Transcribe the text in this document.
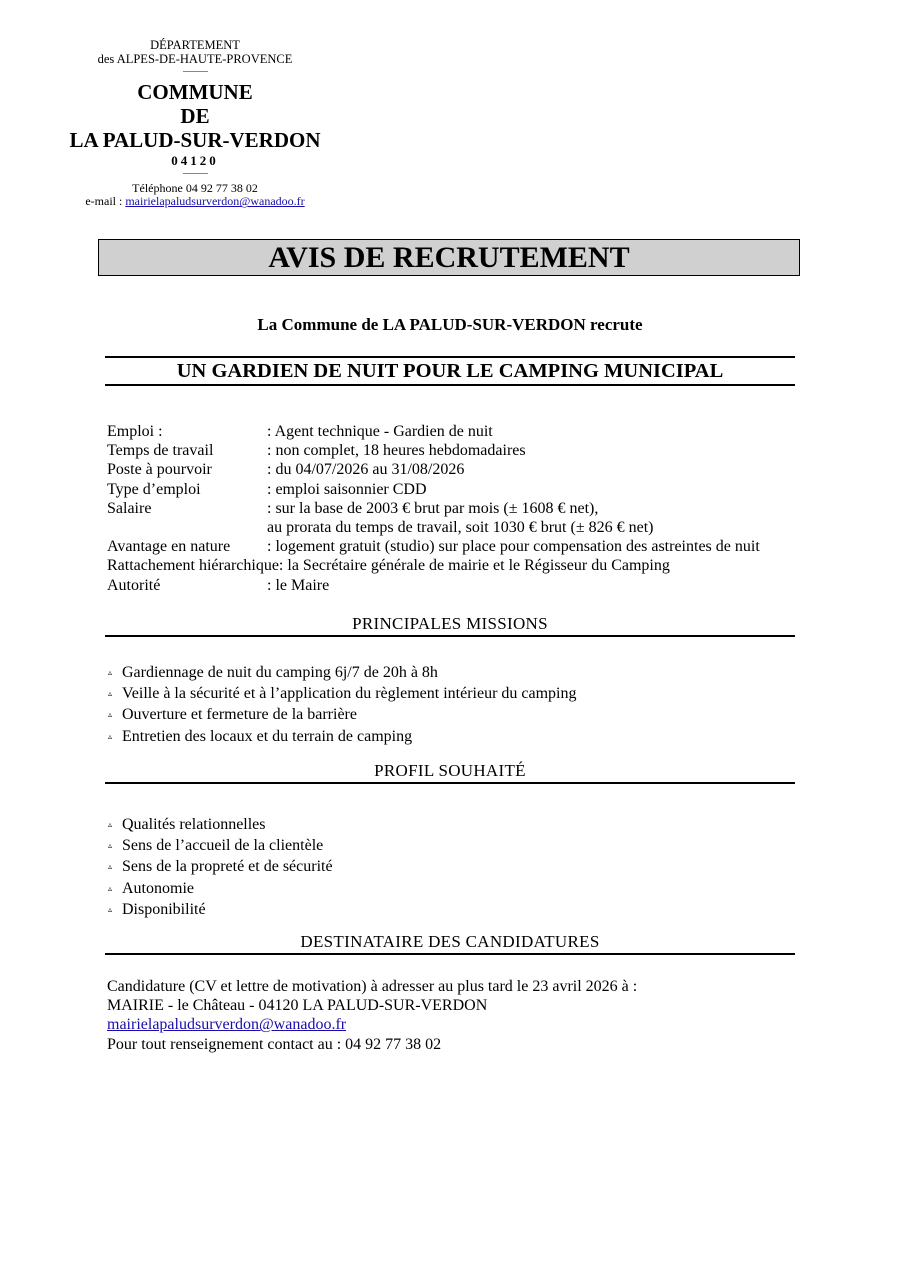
DÉPARTEMENT
des ALPES-DE-HAUTE-PROVENCE
———
COMMUNE
DE
LA PALUD-SUR-VERDON
04120
———
Téléphone 04 92 77 38 02
e-mail : mairielapaludsurverdon@wanadoo.fr
AVIS DE RECRUTEMENT
La Commune de LA PALUD-SUR-VERDON recrute
UN GARDIEN DE NUIT POUR LE CAMPING MUNICIPAL
Emploi :	: Agent technique - Gardien de nuit
Temps de travail	: non complet, 18 heures hebdomadaires
Poste à pourvoir	: du 04/07/2026 au 31/08/2026
Type d’emploi	: emploi saisonnier CDD
Salaire	: sur la base de 2003 € brut par mois (± 1608 € net),
au prorata du temps de travail, soit 1030 € brut (± 826 € net)
Avantage en nature	: logement gratuit (studio) sur place pour compensation des astreintes de nuit
Rattachement hiérarchique : la Secrétaire générale de mairie et le Régisseur du Camping
Autorité	: le Maire
PRINCIPALES MISSIONS
▵ Gardiennage de nuit du camping 6j/7 de 20h à 8h
▵ Veille à la sécurité et à l’application du règlement intérieur du camping
▵ Ouverture et fermeture de la barrière
▵ Entretien des locaux et du terrain de camping
PROFIL SOUHAITÉ
▵ Qualités relationnelles
▵ Sens de l’accueil de la clientèle
▵ Sens de la propreté et de sécurité
▵ Autonomie
▵ Disponibilité
DESTINATAIRE DES CANDIDATURES
Candidature (CV et lettre de motivation) à adresser au plus tard le 23 avril 2026 à :
MAIRIE - le Château - 04120 LA PALUD-SUR-VERDON
mairielapaludsurverdon@wanadoo.fr
Pour tout renseignement contact au : 04 92 77 38 02
